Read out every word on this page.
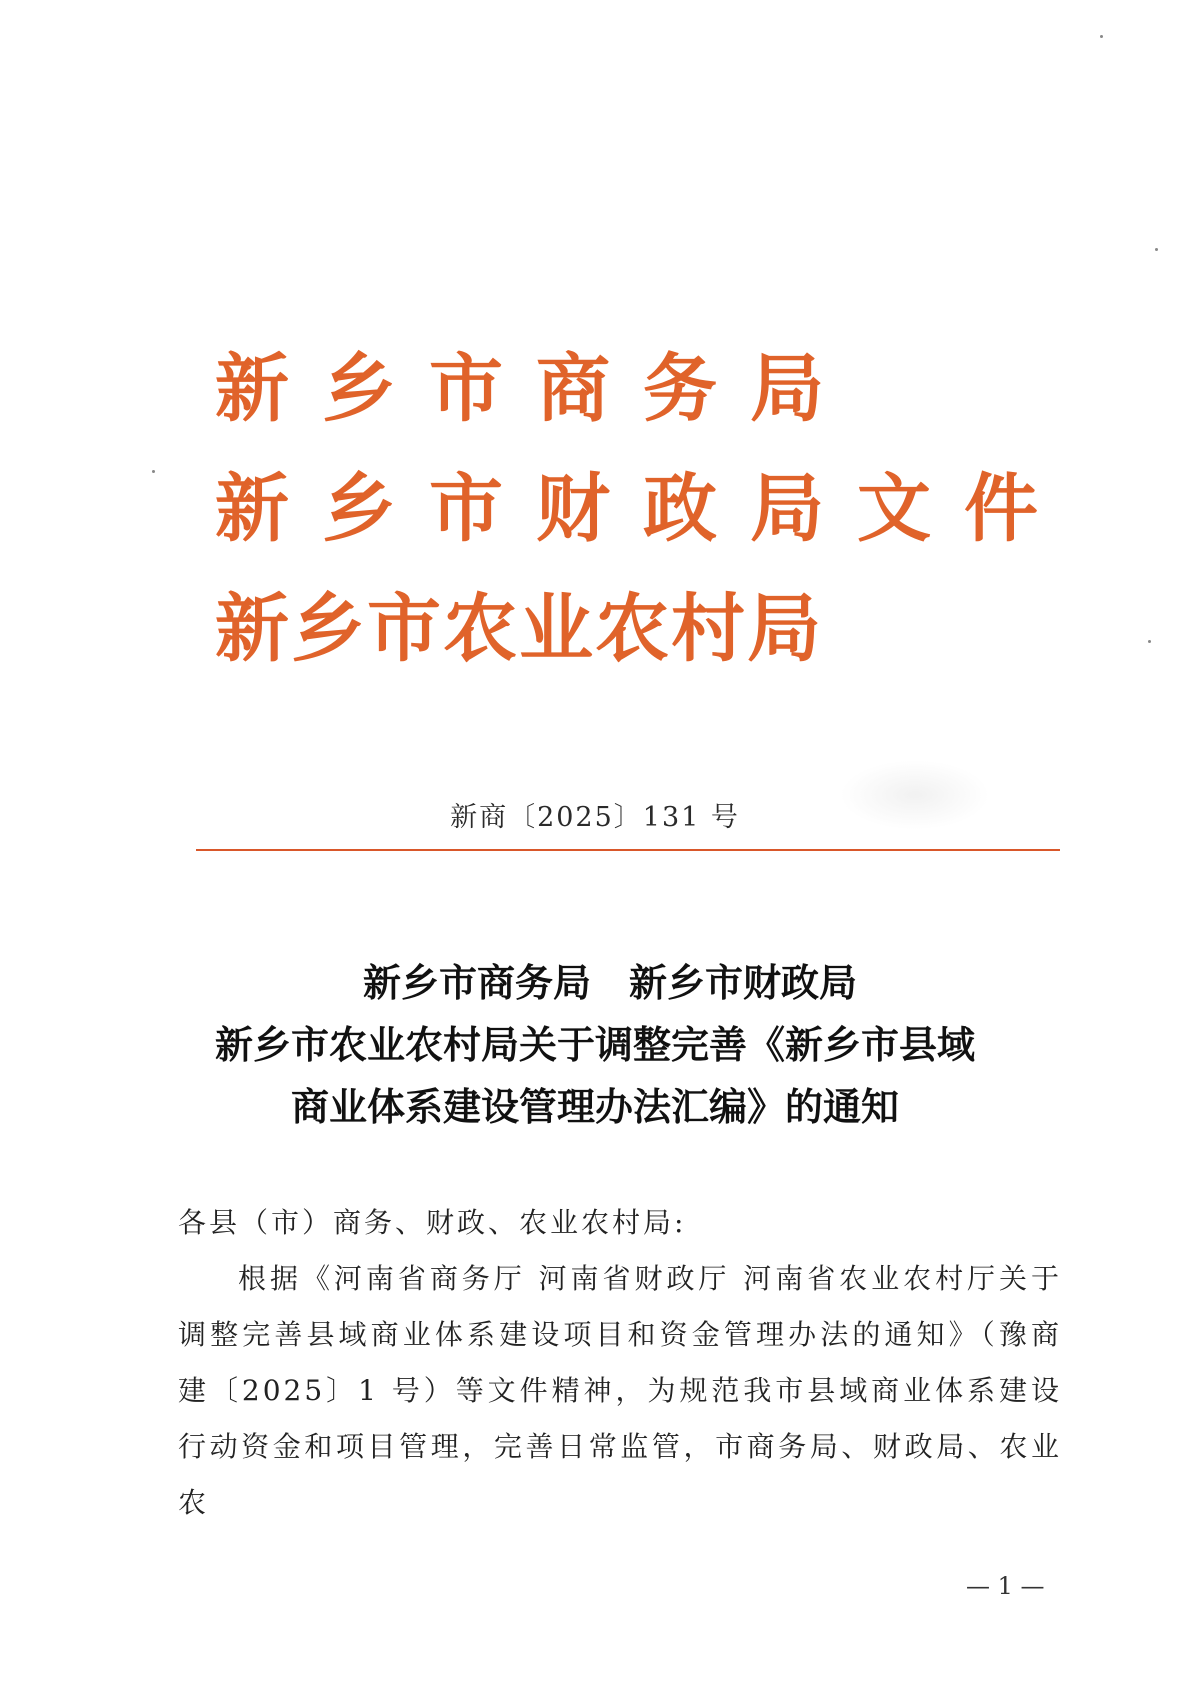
新 乡 市 商 务 局
新 乡 市 财 政 局 文 件
新 乡 市 农 业 农 村 局
新商〔2025〕131 号
新乡市商务局　新乡市财政局
新乡市农业农村局关于调整完善《新乡市县域
商业体系建设管理办法汇编》的通知
各县（市）商务、财政、农业农村局:
根据《河南省商务厅 河南省财政厅 河南省农业农村厅关于调整完善县域商业体系建设项目和资金管理办法的通知》（豫商建〔2025〕1 号）等文件精神，为规范我市县域商业体系建设行动资金和项目管理，完善日常监管，市商务局、财政局、农业农
— 1 —
